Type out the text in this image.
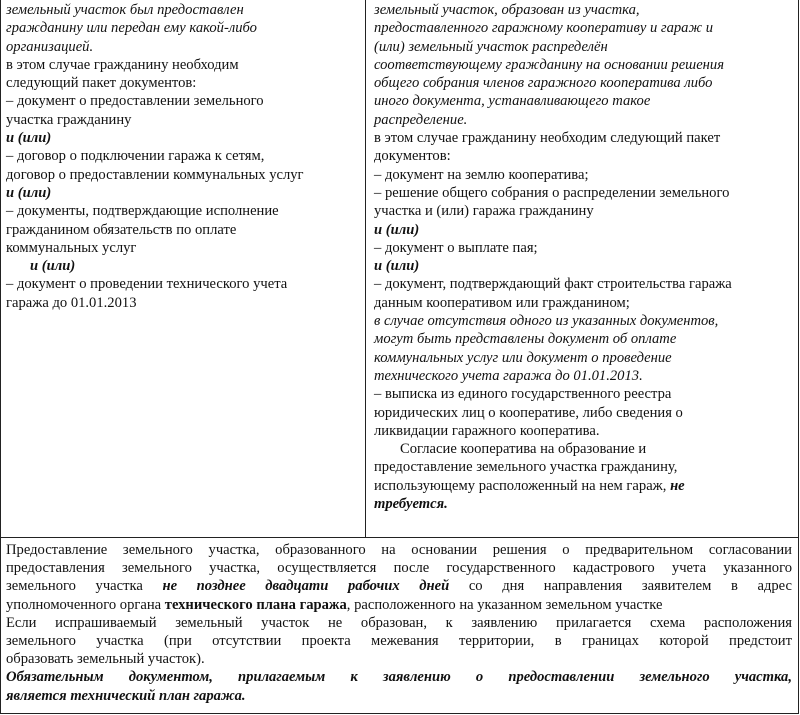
земельный участок был предоставлен
гражданину или передан ему какой-либо
организацией.
в этом случае гражданину необходим
следующий пакет документов:
– документ о предоставлении земельного
участка гражданину
и (или)
– договор о подключении гаража к сетям,
договор о предоставлении коммунальных услуг
и (или)
– документы, подтверждающие исполнение
гражданином обязательств по оплате
коммунальных услуг
и (или)
– документ о проведении технического учета
гаража до 01.01.2013
земельный участок, образован из участка,
предоставленного гаражному кооперативу и гараж и
(или) земельный участок распределён
соответствующему гражданину на основании решения
общего собрания членов гаражного кооператива либо
иного документа, устанавливающего такое
распределение.
в этом случае гражданину необходим следующий пакет
документов:
– документ на землю кооператива;
– решение общего собрания о распределении земельного
участка и (или) гаража гражданину
и (или)
– документ о выплате пая;
и (или)
– документ, подтверждающий факт строительства гаража
данным кооперативом или гражданином;
в случае отсутствия одного из указанных документов,
могут быть представлены документ об оплате
коммунальных услуг или документ о проведение
технического учета гаража до 01.01.2013.
– выписка из единого государственного реестра
юридических лиц о кооперативе, либо сведения о
ликвидации гаражного кооператива.
Согласие кооператива на образование и
предоставление земельного участка гражданину,
использующему расположенный на нем гараж, не
требуется.
Предоставление земельного участка, образованного на основании решения о предварительном согласовании
предоставления земельного участка, осуществляется после государственного кадастрового учета указанного
земельного участка не позднее двадцати рабочих дней со дня направления заявителем в адрес
уполномоченного органа технического плана гаража, расположенного на указанном земельном участке
Если испрашиваемый земельный участок не образован, к заявлению прилагается схема расположения
земельного участка (при отсутствии проекта межевания территории, в границах которой предстоит
образовать земельный участок).
Обязательным документом, прилагаемым к заявлению о предоставлении земельного участка,
является технический план гаража.
